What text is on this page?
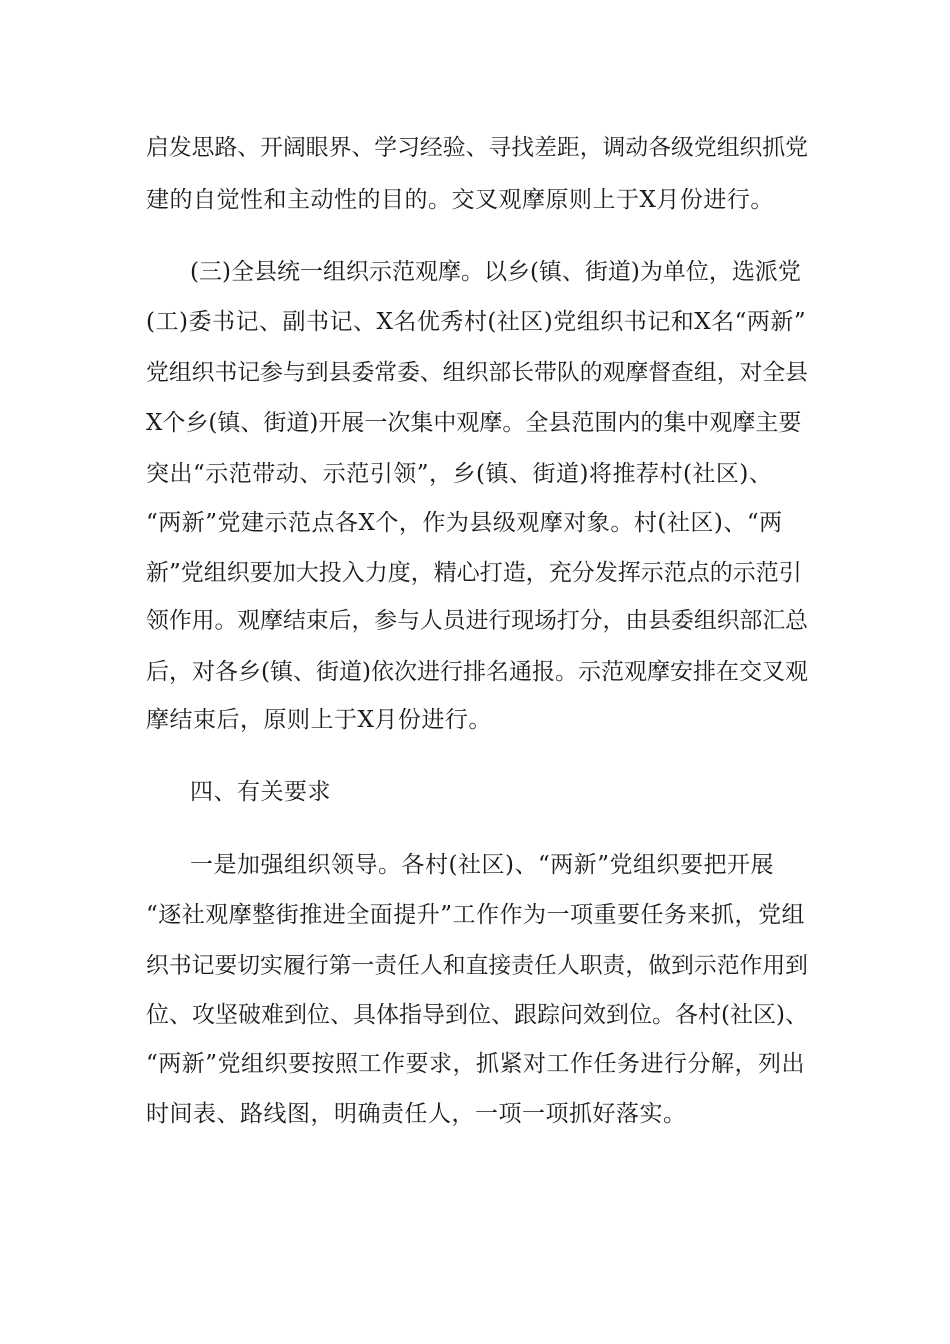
启发思路、开阔眼界、学习经验、寻找差距，调动各级党组织抓党
建的自觉性和主动性的目的。交叉观摩原则上于X月份进行。
(三)全县统一组织示范观摩。以乡(镇、街道)为单位，选派党
(工)委书记、副书记、X名优秀村(社区)党组织书记和X名“两新”
党组织书记参与到县委常委、组织部长带队的观摩督查组，对全县
X个乡(镇、街道)开展一次集中观摩。全县范围内的集中观摩主要
突出“示范带动、示范引领”，乡(镇、街道)将推荐村(社区)、
“两新”党建示范点各X个，作为县级观摩对象。村(社区)、“两
新”党组织要加大投入力度，精心打造，充分发挥示范点的示范引
领作用。观摩结束后，参与人员进行现场打分，由县委组织部汇总
后，对各乡(镇、街道)依次进行排名通报。示范观摩安排在交叉观
摩结束后，原则上于X月份进行。
四、有关要求
一是加强组织领导。各村(社区)、“两新”党组织要把开展
“逐社观摩整街推进全面提升”工作作为一项重要任务来抓，党组
织书记要切实履行第一责任人和直接责任人职责，做到示范作用到
位、攻坚破难到位、具体指导到位、跟踪问效到位。各村(社区)、
“两新”党组织要按照工作要求，抓紧对工作任务进行分解，列出
时间表、路线图，明确责任人，一项一项抓好落实。
